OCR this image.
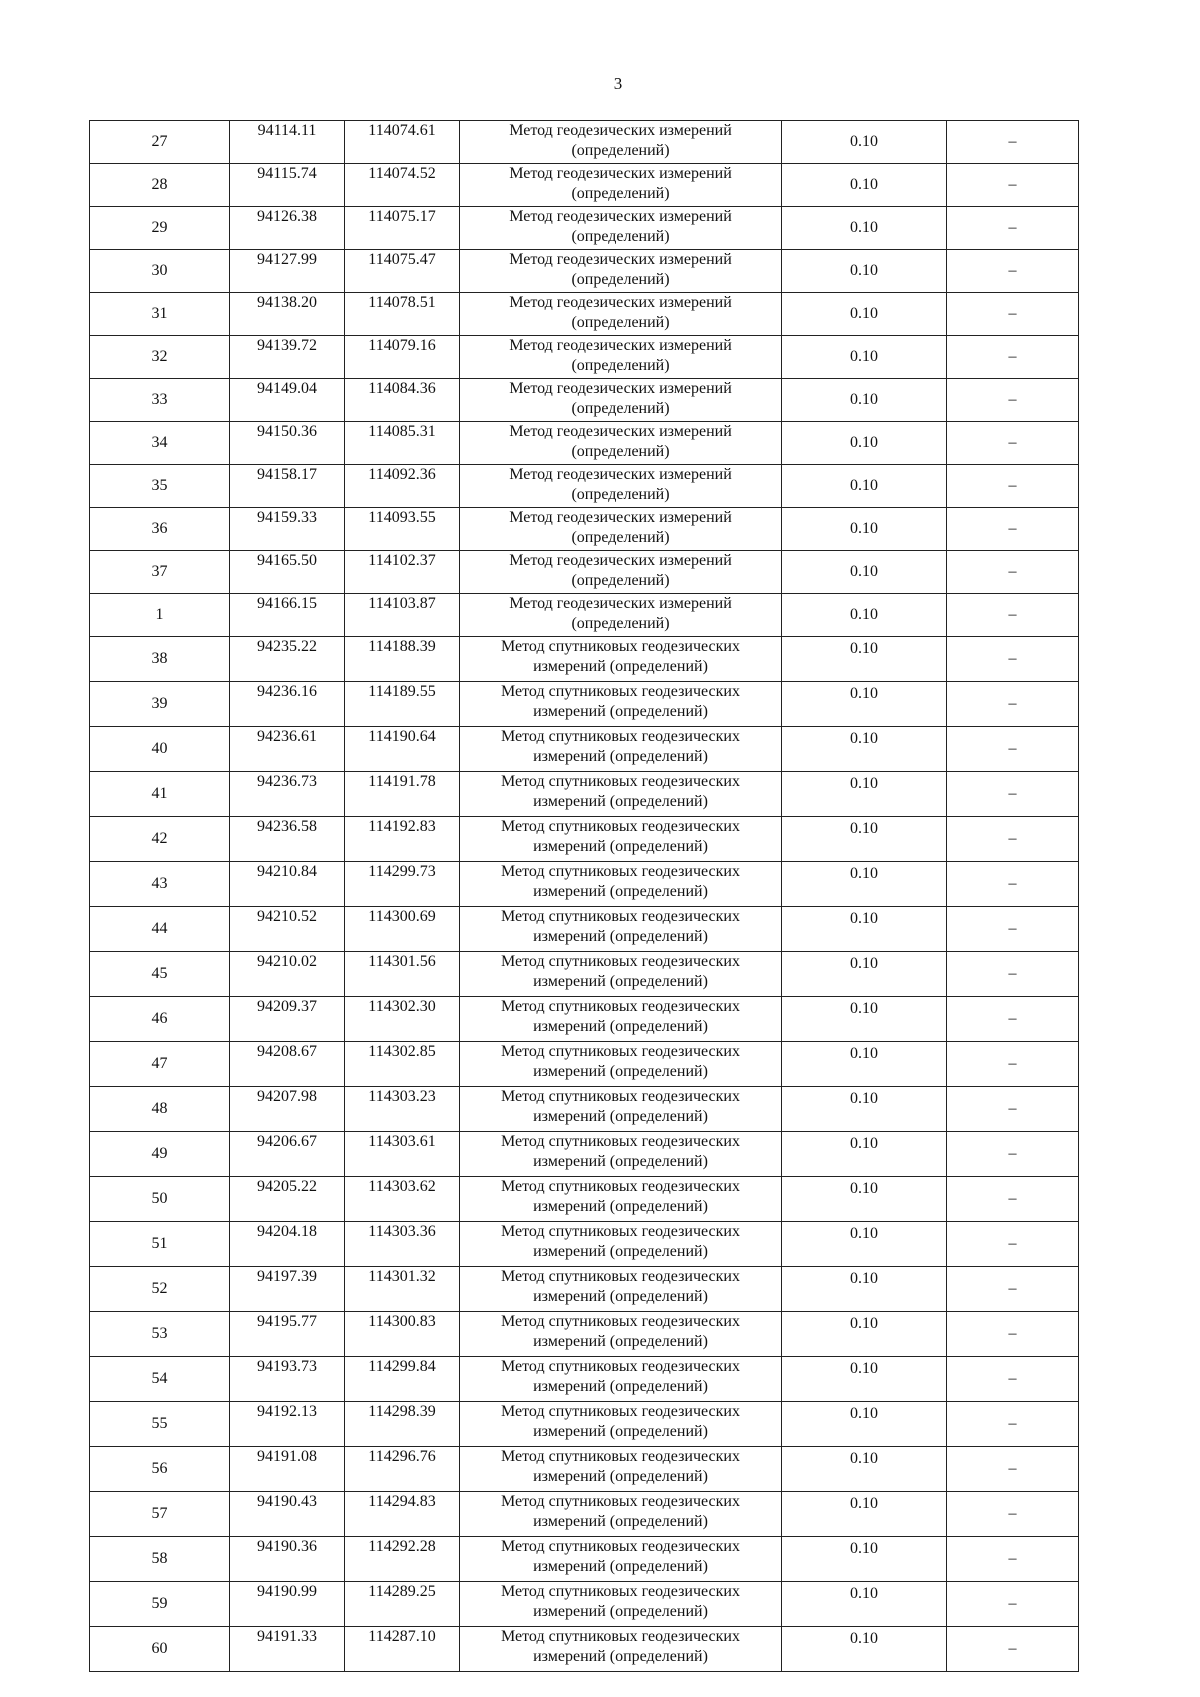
3
27	94114.11	114074.61	Метод геодезических измерений
(определений)	0.10	–
28	94115.74	114074.52	Метод геодезических измерений
(определений)	0.10	–
29	94126.38	114075.17	Метод геодезических измерений
(определений)	0.10	–
30	94127.99	114075.47	Метод геодезических измерений
(определений)	0.10	–
31	94138.20	114078.51	Метод геодезических измерений
(определений)	0.10	–
32	94139.72	114079.16	Метод геодезических измерений
(определений)	0.10	–
33	94149.04	114084.36	Метод геодезических измерений
(определений)	0.10	–
34	94150.36	114085.31	Метод геодезических измерений
(определений)	0.10	–
35	94158.17	114092.36	Метод геодезических измерений
(определений)	0.10	–
36	94159.33	114093.55	Метод геодезических измерений
(определений)	0.10	–
37	94165.50	114102.37	Метод геодезических измерений
(определений)	0.10	–
1	94166.15	114103.87	Метод геодезических измерений
(определений)	0.10	–
38	94235.22	114188.39	Метод спутниковых геодезических
измерений (определений)	0.10	–
39	94236.16	114189.55	Метод спутниковых геодезических
измерений (определений)	0.10	–
40	94236.61	114190.64	Метод спутниковых геодезических
измерений (определений)	0.10	–
41	94236.73	114191.78	Метод спутниковых геодезических
измерений (определений)	0.10	–
42	94236.58	114192.83	Метод спутниковых геодезических
измерений (определений)	0.10	–
43	94210.84	114299.73	Метод спутниковых геодезических
измерений (определений)	0.10	–
44	94210.52	114300.69	Метод спутниковых геодезических
измерений (определений)	0.10	–
45	94210.02	114301.56	Метод спутниковых геодезических
измерений (определений)	0.10	–
46	94209.37	114302.30	Метод спутниковых геодезических
измерений (определений)	0.10	–
47	94208.67	114302.85	Метод спутниковых геодезических
измерений (определений)	0.10	–
48	94207.98	114303.23	Метод спутниковых геодезических
измерений (определений)	0.10	–
49	94206.67	114303.61	Метод спутниковых геодезических
измерений (определений)	0.10	–
50	94205.22	114303.62	Метод спутниковых геодезических
измерений (определений)	0.10	–
51	94204.18	114303.36	Метод спутниковых геодезических
измерений (определений)	0.10	–
52	94197.39	114301.32	Метод спутниковых геодезических
измерений (определений)	0.10	–
53	94195.77	114300.83	Метод спутниковых геодезических
измерений (определений)	0.10	–
54	94193.73	114299.84	Метод спутниковых геодезических
измерений (определений)	0.10	–
55	94192.13	114298.39	Метод спутниковых геодезических
измерений (определений)	0.10	–
56	94191.08	114296.76	Метод спутниковых геодезических
измерений (определений)	0.10	–
57	94190.43	114294.83	Метод спутниковых геодезических
измерений (определений)	0.10	–
58	94190.36	114292.28	Метод спутниковых геодезических
измерений (определений)	0.10	–
59	94190.99	114289.25	Метод спутниковых геодезических
измерений (определений)	0.10	–
60	94191.33	114287.10	Метод спутниковых геодезических
измерений (определений)	0.10	–
